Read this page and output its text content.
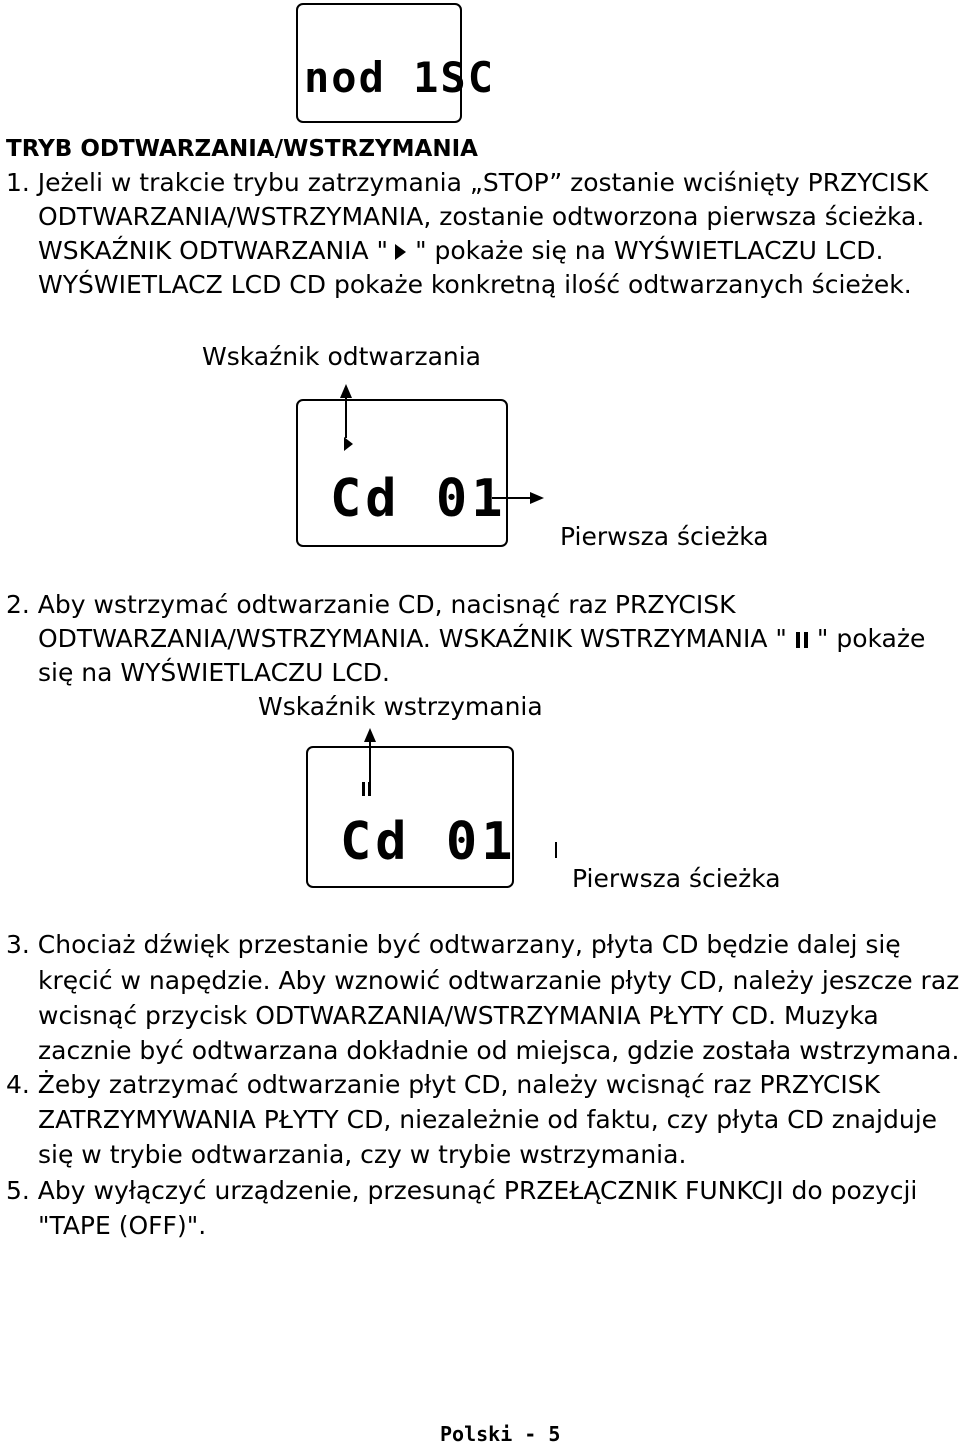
nod 1SC
TRYB ODTWARZANIA/WSTRZYMANIA
1. Jeżeli w trakcie trybu zatrzymania „STOP” zostanie wciśnięty PRZYCISK
ODTWARZANIA/WSTRZYMANIA, zostanie odtworzona pierwsza ścieżka.
WSKAŹNIK ODTWARZANIA " " pokaże się na WYŚWIETLACZU LCD.
WYŚWIETLACZ LCD CD pokaże konkretną ilość odtwarzanych ścieżek.
Wskaźnik odtwarzania
Cd 01
Pierwsza ścieżka
2. Aby wstrzymać odtwarzanie CD, nacisnąć raz PRZYCISK
ODTWARZANIA/WSTRZYMANIA. WSKAŹNIK WSTRZYMANIA " " pokaże
się na WYŚWIETLACZU LCD.
Wskaźnik wstrzymania
Cd 01
Pierwsza ścieżka
3. Chociaż dźwięk przestanie być odtwarzany, płyta CD będzie dalej się
kręcić w napędzie. Aby wznowić odtwarzanie płyty CD, należy jeszcze raz
wcisnąć przycisk ODTWARZANIA/WSTRZYMANIA PŁYTY CD. Muzyka
zacznie być odtwarzana dokładnie od miejsca, gdzie została wstrzymana.
4. Żeby zatrzymać odtwarzanie płyt CD, należy wcisnąć raz PRZYCISK
ZATRZYMYWANIA PŁYTY CD, niezależnie od faktu, czy płyta CD znajduje
się w trybie odtwarzania, czy w trybie wstrzymania.
5. Aby wyłączyć urządzenie, przesunąć PRZEŁĄCZNIK FUNKCJI do pozycji
"TAPE (OFF)".
Polski - 5
